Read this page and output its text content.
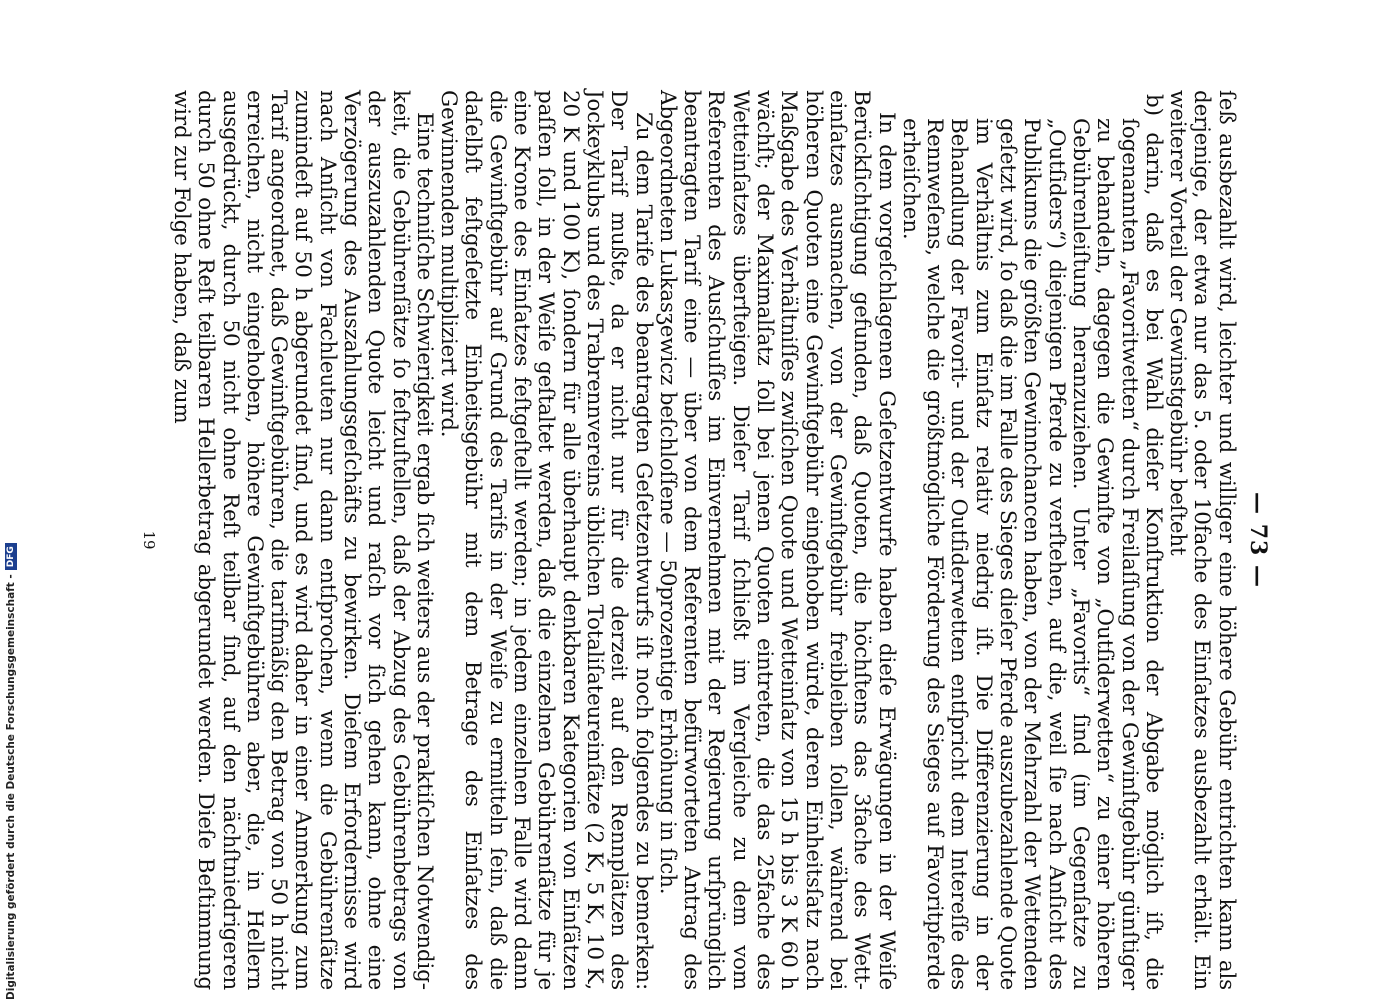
— 73 —

ſeß ausbezahlt wird, leichter und williger eine höhere Gebühr entrichten kann als derjenige, der etwa nur das 5. oder 10fache des Einſatzes ausbezahlt erhält. Ein weiterer Vorteil der Gewinstgebühr beſteht

b) darin, daß es bei Wahl dieſer Konſtruktion der Abgabe möglich iſt, die ſogenannten „Favoritwetten“ durch Freilaſſung von der Gewinſtgebühr günſtiger zu behandeln, dagegen die Gewinſte von „Outſiderwetten“ zu einer höheren Gebührenleiſtung heranzuziehen. Unter „Favorits“ ſind (im Gegenſatze zu „Outſiders“) diejenigen Pferde zu verſtehen, auf die, weil ſie nach Anſicht des Publikums die größten Gewinnchancen haben, von der Mehrzahl der Wettenden geſetzt wird, ſo daß die im Falle des Sieges dieſer Pferde auszubezahlende Quote im Verhältnis zum Einſatz relativ niedrig iſt. Die Differenzierung in der Behandlung der Favorit- und der Outſiderwetten entſpricht dem Intereſſe des Rennweſens, welche die größtmögliche Förderung des Sieges auf Favoritpferde erheiſchen.

In dem vorgeſchlagenen Geſetzentwurfe haben dieſe Erwägungen in der Weiſe Berückſichtigung gefunden, daß Quoten, die höchſtens das 3fache des Wetteinſatzes ausmachen, von der Gewinſtgebühr freibleiben ſollen, während bei höheren Quoten eine Gewinſtgebühr eingehoben würde, deren Einheitsſatz nach Maßgabe des Verhältniſſes zwiſchen Quote und Wetteinſatz von 15 h bis 3 K 60 h wächſt; der Maximalſatz ſoll bei jenen Quoten eintreten, die das 25fache des Wetteinſatzes überſteigen. Dieſer Tarif ſchließt im Vergleiche zu dem vom Referenten des Ausſchuſſes im Einvernehmen mit der Regierung urſprünglich beantragten Tarif eine — über von dem Referenten befürworteten Antrag des Abgeordneten Lukasʒewicz beſchloſſene — 50prozentige Erhöhung in ſich.

Zu dem Tarife des beantragten Geſetzentwurfs iſt noch folgendes zu bemerken: Der Tarif mußte, da er nicht nur für die derzeit auf den Rennplätzen des Jockeyklubs und des Trabrennvereins üblichen Totaliſateureinſätze (2 K, 5 K, 10 K, 20 K und 100 K), ſondern für alle überhaupt denkbaren Kategorien von Einſätzen paſſen ſoll, in der Weiſe geſtaltet werden, daß die einzelnen Gebührenſätze für je eine Krone des Einſatzes feſtgeſtellt werden; in jedem einzelnen Falle wird dann die Gewinſtgebühr auf Grund des Tarifs in der Weiſe zu ermitteln ſein, daß die daſelbſt feſtgeſetzte Einheitsgebühr mit dem Betrage des Einſatzes des Gewinnenden multipliziert wird.

Eine techniſche Schwierigkeit ergab ſich weiters aus der praktiſchen Notwendigkeit, die Gebührenſätze ſo feſtzuſtellen, daß der Abzug des Gebührenbetrags von der auszuzahlenden Quote leicht und raſch vor ſich gehen kann, ohne eine Verzögerung des Auszahlungsgeſchäfts zu bewirken. Dieſem Erfordernisse wird nach Anſicht von Fachleuten nur dann entſprochen, wenn die Gebührenſätze zumindeſt auf 50 h abgerundet ſind, und es wird daher in einer Anmerkung zum Tarif angeordnet, daß Gewinſtgebühren, die tarifmäßig den Betrag von 50 h nicht erreichen, nicht eingehoben, höhere Gewinſtgebühren aber, die, in Hellern ausgedrückt, durch 50 nicht ohne Reſt teilbar ſind, auf den nächſtniedrigeren durch 50 ohne Reſt teilbaren Hellerbetrag abgerundet werden. Dieſe Beſtimmung wird zur Folge haben, daß zum

19
Digitalisierung gefördert durch die Deutsche Forschungsgemeinschaft -
DFG
